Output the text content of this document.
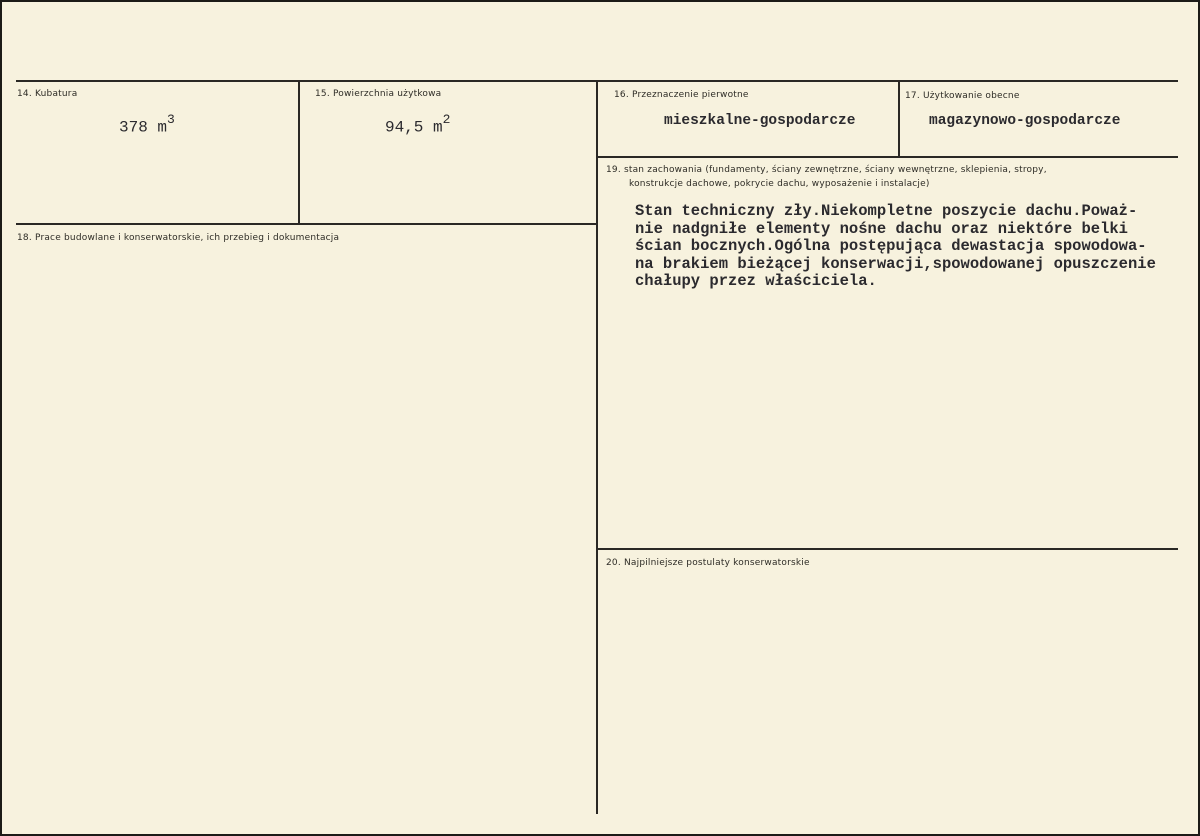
14. Kubatura
378 $m^3$
15. Powierzchnia użytkowa
94,5 $m^2$
16. Przeznaczenie pierwotne
mieszkalne-gospodarcze
17. Użytkowanie obecne
magazynowo-gospodarcze
18. Prace budowlane i konserwatorskie, ich przebieg i dokumentacja
19. stan zachowania (fundamenty, ściany zewnętrzne, ściany wewnętrzne, sklepienia, stropy,
konstrukcje dachowe, pokrycie dachu, wyposażenie i instalacje)
Stan techniczny zły.Niekompletne poszycie dachu.Poważ-
nie nadgniłe elementy nośne dachu oraz niektóre belki
ścian bocznych.Ogólna postępująca dewastacja spowodowa-
na brakiem bieżącej konserwacji,spowodowanej opuszczenie
chałupy przez właściciela.
20. Najpilniejsze postulaty konserwatorskie
